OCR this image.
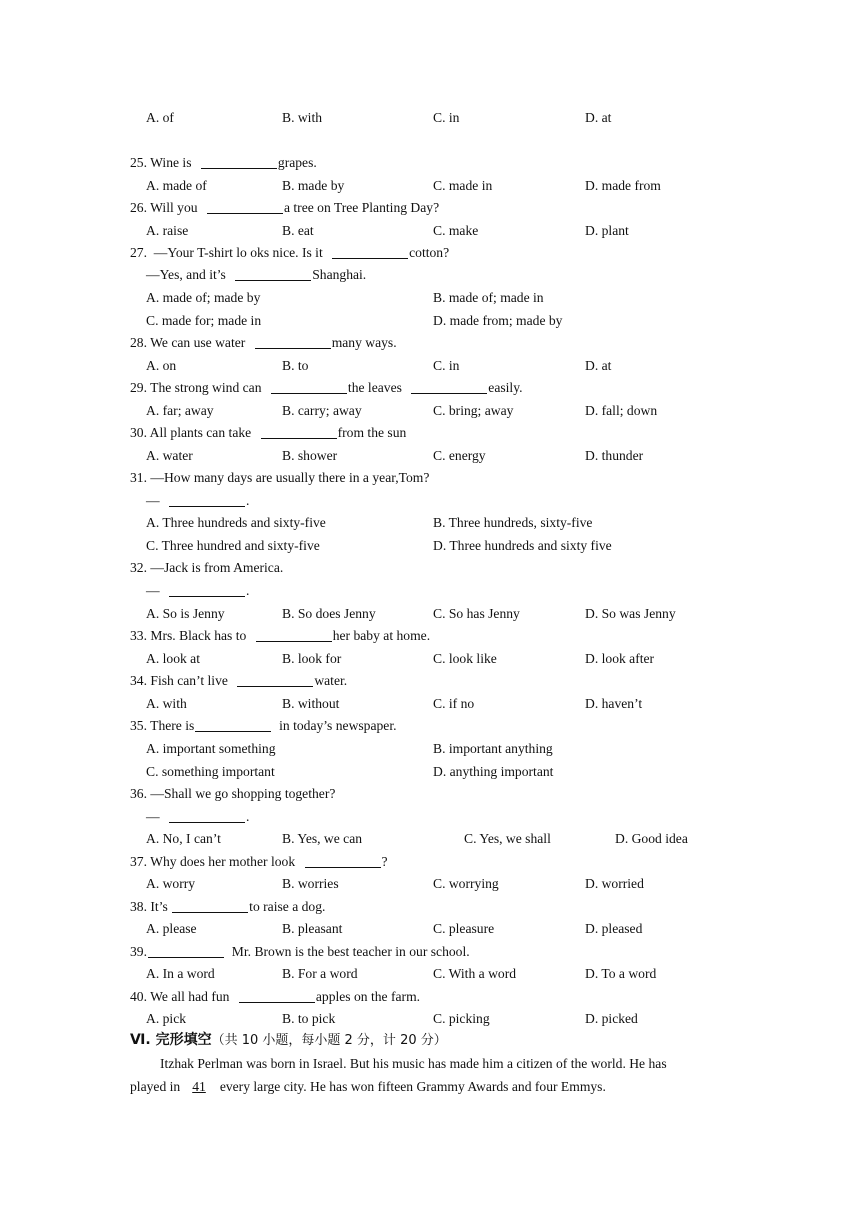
A. of	B. with	C. in	D. at
25. Wine is	grapes.
A. made of	B. made by	C. made in	D. made from
26. Will you	a tree on Tree Planting Day?
A. raise	B. eat	C. make	D. plant
27.  —Your T-shirt lo oks nice. Is it	cotton?
—Yes, and it’s	Shanghai.
A. made of; made by	B. made of; made in
C. made for; made in	D. made from; made by
28. We can use water	many ways.
A. on	B. to	C. in	D. at
29. The strong wind can	the leaves	easily.
A. far; away	B. carry; away	C. bring; away	D. fall; down
30. All plants can take	from the sun
A. water	B. shower	C. energy	D. thunder
31. —How many days are usually there in a year,Tom?
—	.
A. Three hundreds and sixty-five	B. Three hundreds, sixty-five
C. Three hundred and sixty-five	D. Three hundreds and sixty five
32. —Jack is from America.
—	.
A. So is Jenny	B. So does Jenny	C. So has Jenny	D. So was Jenny
33. Mrs. Black has to	her baby at home.
A. look at	B. look for	C. look like	D. look after
34. Fish can’t live	water.
A. with	B. without	C. if no	D. haven’t
35. There is	in today’s newspaper.
A. important something	B. important anything
C. something important	D. anything important
36. —Shall we go shopping together?
—	.
A. No, I can’t	B. Yes, we can	C. Yes, we shall	D. Good idea
37. Why does her mother look	?
A. worry	B. worries	C. worrying	D. worried
38. It’s	to raise a dog.
A. please	B. pleasant	C. pleasure	D. pleased
39.	Mr. Brown is the best teacher in our school.
A. In a word	B. For a word	C. With a word	D. To a word
40. We all had fun	apples on the farm.
A. pick	B. to pick	C. picking	D. picked
Ⅵ. 完形填空（共 10 小题，每小题 2 分，计 20 分）
Itzhak Perlman was born in Israel. But his music has made him a citizen of the world. He has
played in 41 every large city. He has won fifteen Grammy Awards and four Emmys.
